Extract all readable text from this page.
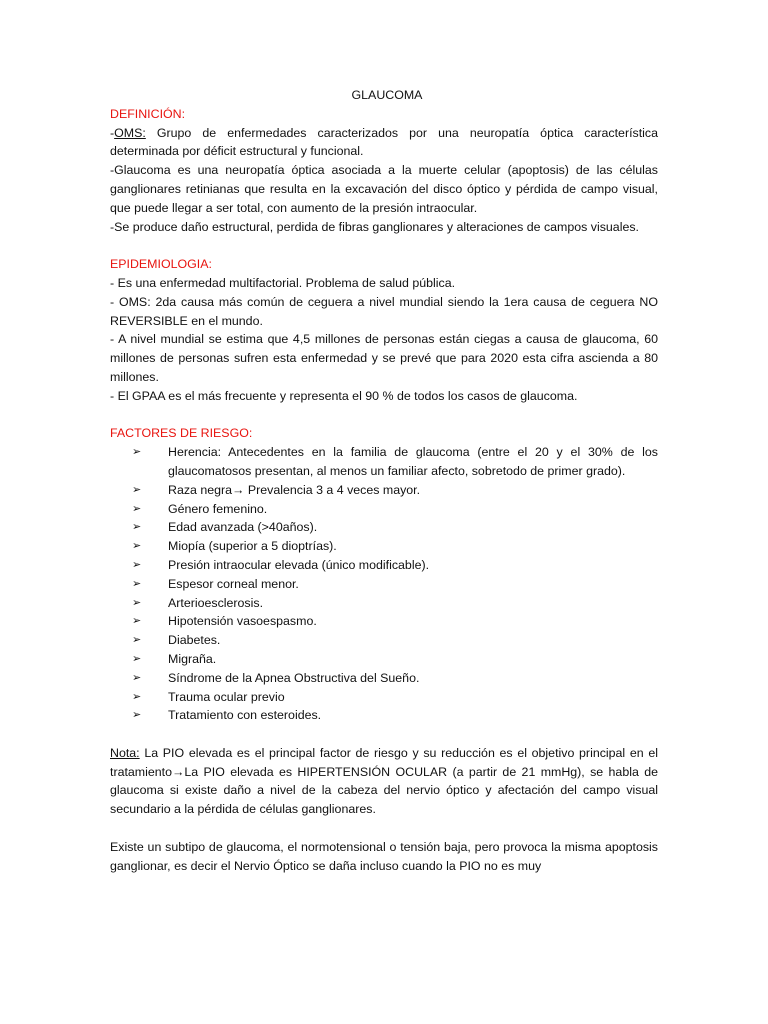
GLAUCOMA

DEFINICIÓN:

-OMS: Grupo de enfermedades caracterizados por una neuropatía óptica característica determinada por déficit estructural y funcional.

-Glaucoma es una neuropatía óptica asociada a la muerte celular (apoptosis) de las células ganglionares retinianas que resulta en la excavación del disco óptico y pérdida de campo visual, que puede llegar a ser total, con aumento de la presión intraocular.

-Se produce daño estructural, perdida de fibras ganglionares y alteraciones de campos visuales.

EPIDEMIOLOGIA:

- Es una enfermedad multifactorial. Problema de salud pública.

- OMS: 2da causa más común de ceguera a nivel mundial siendo la 1era causa de ceguera NO REVERSIBLE en el mundo.

- A nivel mundial se estima que 4,5 millones de personas están ciegas a causa de glaucoma, 60 millones de personas sufren esta enfermedad y se prevé que para 2020 esta cifra ascienda a 80 millones.

- El GPAA es el más frecuente y representa el 90 % de todos los casos de glaucoma.

FACTORES DE RIESGO:

➢ Herencia: Antecedentes en la familia de glaucoma (entre el 20 y el 30% de los glaucomatosos presentan, al menos un familiar afecto, sobretodo de primer grado).
➢ Raza negra→ Prevalencia 3 a 4 veces mayor.
➢ Género femenino.
➢ Edad avanzada (>40años).
➢ Miopía (superior a 5 dioptrías).
➢ Presión intraocular elevada (único modificable).
➢ Espesor corneal menor.
➢ Arterioesclerosis.
➢ Hipotensión vasoespasmo.
➢ Diabetes.
➢ Migraña.
➢ Síndrome de la Apnea Obstructiva del Sueño.
➢ Trauma ocular previo
➢ Tratamiento con esteroides.

Nota: La PIO elevada es el principal factor de riesgo y su reducción es el objetivo principal en el tratamiento→La PIO elevada es HIPERTENSIÓN OCULAR (a partir de 21 mmHg), se habla de glaucoma si existe daño a nivel de la cabeza del nervio óptico y afectación del campo visual secundario a la pérdida de células ganglionares.

Existe un subtipo de glaucoma, el normotensional o tensión baja, pero provoca la misma apoptosis ganglionar, es decir el Nervio Óptico se daña incluso cuando la PIO no es muy
